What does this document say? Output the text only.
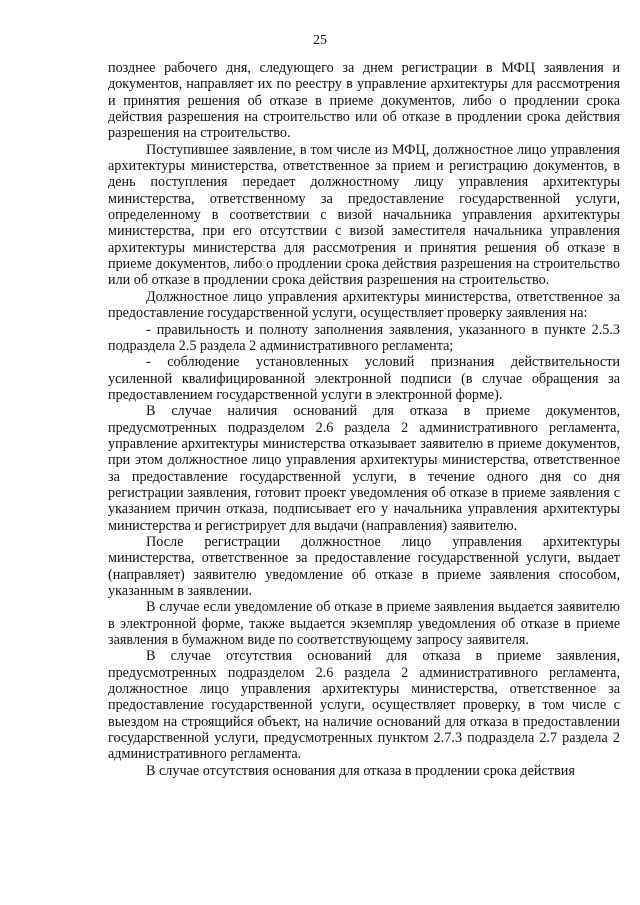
25

позднее рабочего дня, следующего за днем регистрации в МФЦ заявления и документов, направляет их по реестру в управление архитектуры для рассмотрения и принятия решения об отказе в приеме документов, либо о продлении срока действия разрешения на строительство или об отказе в продлении срока действия разрешения на строительство.

Поступившее заявление, в том числе из МФЦ, должностное лицо управления архитектуры министерства, ответственное за прием и регистрацию документов, в день поступления передает должностному лицу управления архитектуры министерства, ответственному за предоставление государственной услуги, определенному в соответствии с визой начальника управления архитектуры министерства, при его отсутствии с визой заместителя начальника управления архитектуры министерства для рассмотрения и принятия решения об отказе в приеме документов, либо о продлении срока действия разрешения на строительство или об отказе в продлении срока действия разрешения на строительство.

Должностное лицо управления архитектуры министерства, ответственное за предоставление государственной услуги, осуществляет проверку заявления на:

- правильность и полноту заполнения заявления, указанного в пункте 2.5.3 подраздела 2.5 раздела 2 административного регламента;

- соблюдение установленных условий признания действительности усиленной квалифицированной электронной подписи (в случае обращения за предоставлением государственной услуги в электронной форме).

В случае наличия оснований для отказа в приеме документов, предусмотренных подразделом 2.6 раздела 2 административного регламента, управление архитектуры министерства отказывает заявителю в приеме документов, при этом должностное лицо управления архитектуры министерства, ответственное за предоставление государственной услуги, в течение одного дня со дня регистрации заявления, готовит проект уведомления об отказе в приеме заявления с указанием причин отказа, подписывает его у начальника управления архитектуры министерства и регистрирует для выдачи (направления) заявителю.

После регистрации должностное лицо управления архитектуры министерства, ответственное за предоставление государственной услуги, выдает (направляет) заявителю уведомление об отказе в приеме заявления способом, указанным в заявлении.

В случае если уведомление об отказе в приеме заявления выдается заявителю в электронной форме, также выдается экземпляр уведомления об отказе в приеме заявления в бумажном виде по соответствующему запросу заявителя.

В случае отсутствия оснований для отказа в приеме заявления, предусмотренных подразделом 2.6 раздела 2 административного регламента, должностное лицо управления архитектуры министерства, ответственное за предоставление государственной услуги, осуществляет проверку, в том числе с выездом на строящийся объект, на наличие оснований для отказа в предоставлении государственной услуги, предусмотренных пунктом 2.7.3 подраздела 2.7 раздела 2 административного регламента.

В случае отсутствия основания для отказа в продлении срока действия
